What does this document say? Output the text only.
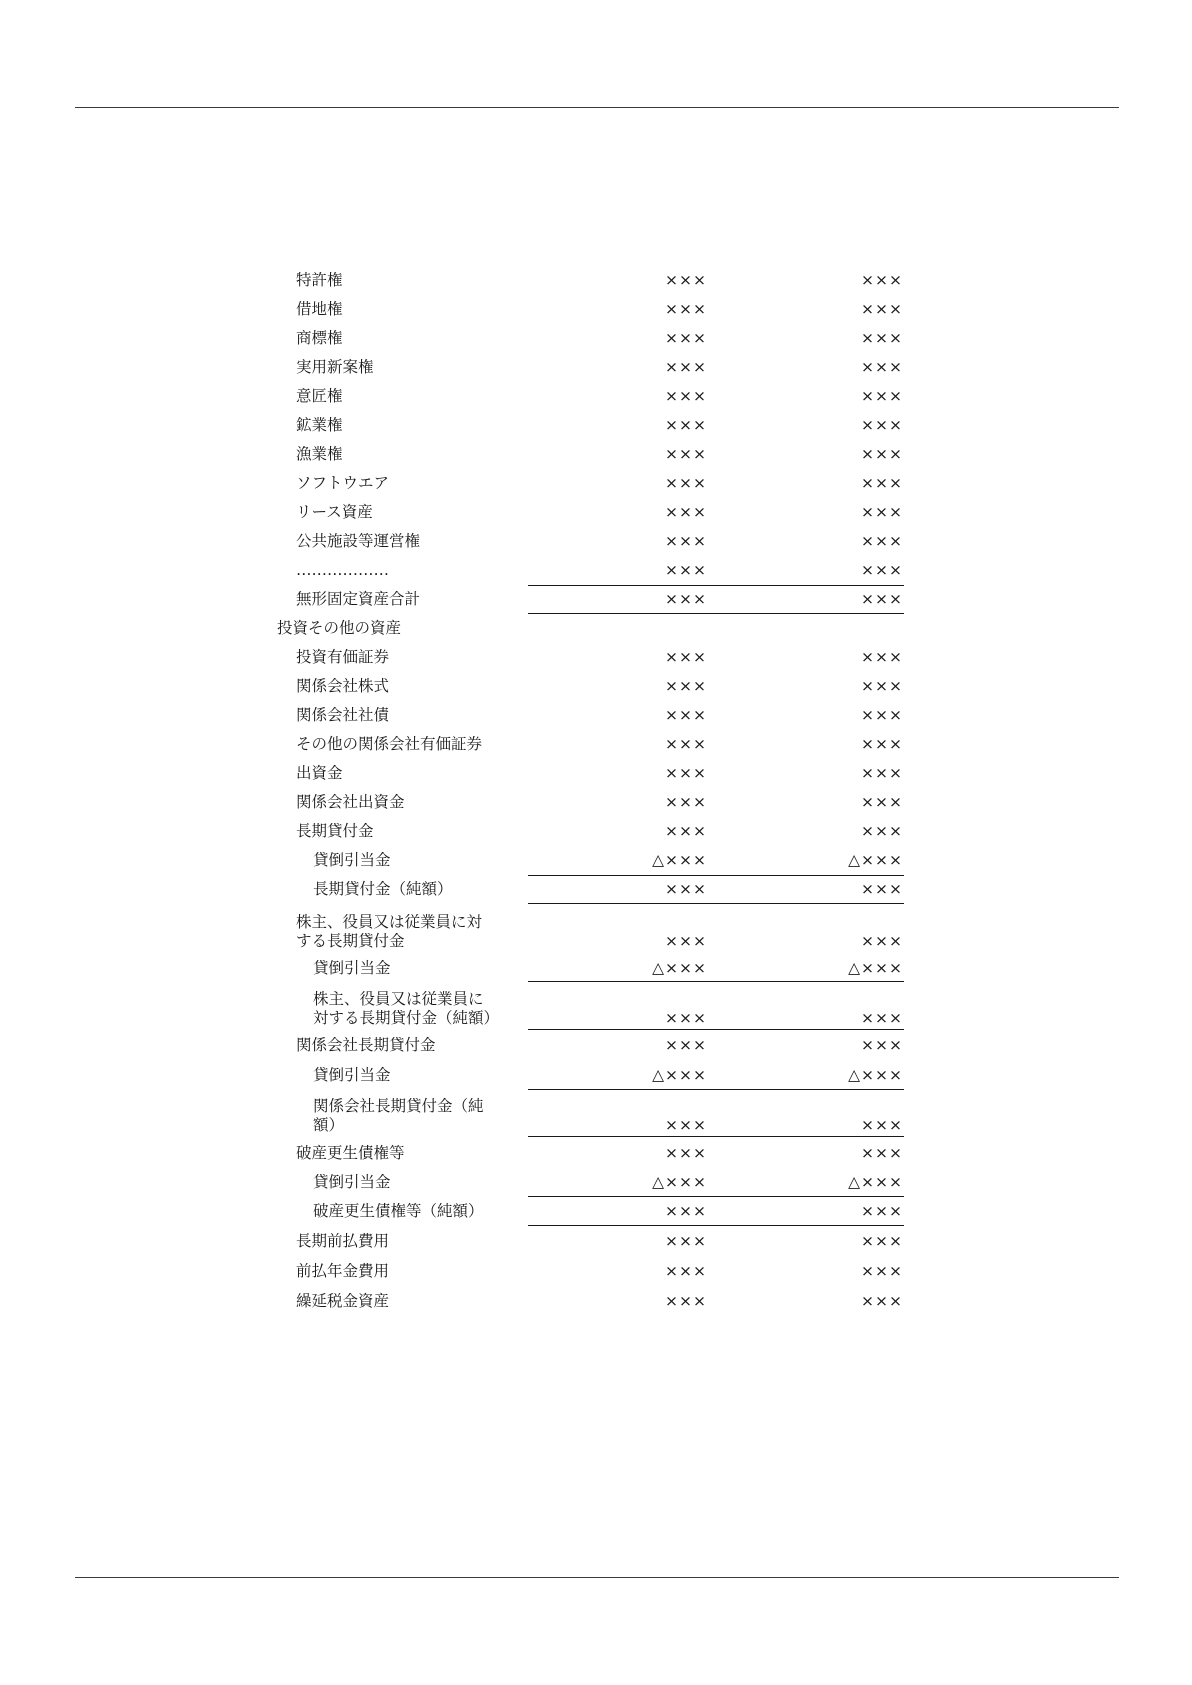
特許権	×××	×××
借地権	×××	×××
商標権	×××	×××
実用新案権	×××	×××
意匠権	×××	×××
鉱業権	×××	×××
漁業権	×××	×××
ソフトウエア	×××	×××
リース資産	×××	×××
公共施設等運営権	×××	×××
………………	×××	×××
無形固定資産合計	×××	×××
投資その他の資産
投資有価証券	×××	×××
関係会社株式	×××	×××
関係会社社債	×××	×××
その他の関係会社有価証券	×××	×××
出資金	×××	×××
関係会社出資金	×××	×××
長期貸付金	×××	×××
貸倒引当金	△×××	△×××
長期貸付金（純額）	×××	×××
株主、役員又は従業員に対
する長期貸付金	×××	×××
貸倒引当金	△×××	△×××
株主、役員又は従業員に
対する長期貸付金（純額）	×××	×××
関係会社長期貸付金	×××	×××
貸倒引当金	△×××	△×××
関係会社長期貸付金（純
額）	×××	×××
破産更生債権等	×××	×××
貸倒引当金	△×××	△×××
破産更生債権等（純額）	×××	×××
長期前払費用	×××	×××
前払年金費用	×××	×××
繰延税金資産	×××	×××
